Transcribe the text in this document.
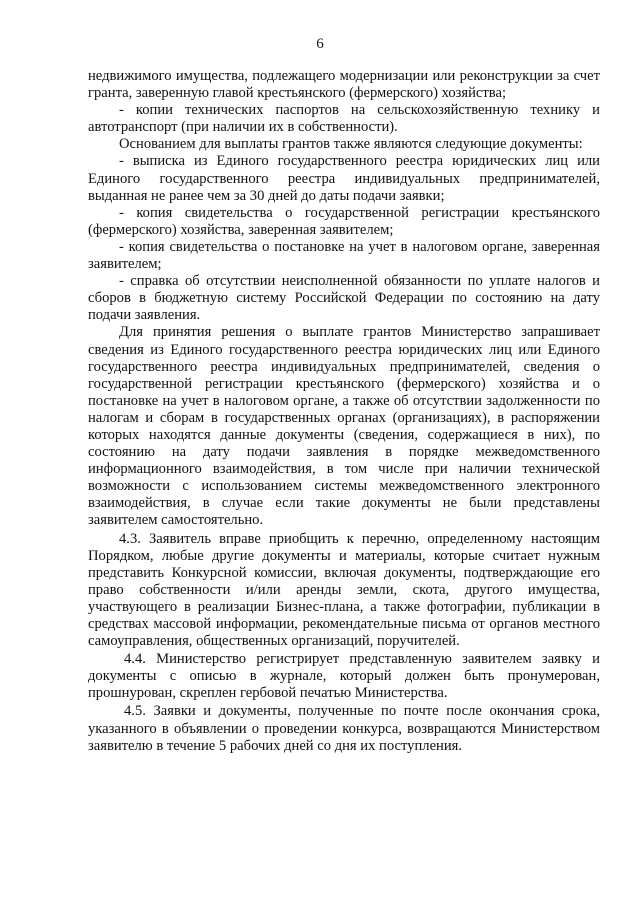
6

недвижимого имущества, подлежащего модернизации или реконструкции за счет гранта, заверенную главой крестьянского (фермерского) хозяйства;

- копии технических паспортов на сельскохозяйственную технику и автотранспорт (при наличии их в собственности).

Основанием для выплаты грантов также являются следующие документы:

- выписка из Единого государственного реестра юридических лиц или Единого государственного реестра индивидуальных предпринимателей, выданная не ранее чем за 30 дней до даты подачи заявки;

- копия свидетельства о государственной регистрации крестьянского (фермерского) хозяйства, заверенная заявителем;

- копия свидетельства о постановке на учет в налоговом органе, заверенная заявителем;

- справка об отсутствии неисполненной обязанности по уплате налогов и сборов в бюджетную систему Российской Федерации по состоянию на дату подачи заявления.

Для принятия решения о выплате грантов Министерство запрашивает сведения из Единого государственного реестра юридических лиц или Единого государственного реестра индивидуальных предпринимателей, сведения о государственной регистрации крестьянского (фермерского) хозяйства и о постановке на учет в налоговом органе, а также об отсутствии задолженности по налогам и сборам в государственных органах (организациях), в распоряжении которых находятся данные документы (сведения, содержащиеся в них), по состоянию на дату подачи заявления в порядке межведомственного информационного взаимодействия, в том числе при наличии технической возможности с использованием системы межведомственного электронного взаимодействия, в случае если такие документы не были представлены заявителем самостоятельно.

4.3. Заявитель вправе приобщить к перечню, определенному настоящим Порядком, любые другие документы и материалы, которые считает нужным представить Конкурсной комиссии, включая документы, подтверждающие его право собственности и/или аренды земли, скота, другого имущества, участвующего в реализации Бизнес-плана, а также фотографии, публикации в средствах массовой информации, рекомендательные письма от органов местного самоуправления, общественных организаций, поручителей.

4.4. Министерство регистрирует представленную заявителем заявку и документы с описью в журнале, который должен быть пронумерован, прошнурован, скреплен гербовой печатью Министерства.

4.5. Заявки и документы, полученные по почте после окончания срока, указанного в объявлении о проведении конкурса, возвращаются Министерством заявителю в течение 5 рабочих дней со дня их поступления.
